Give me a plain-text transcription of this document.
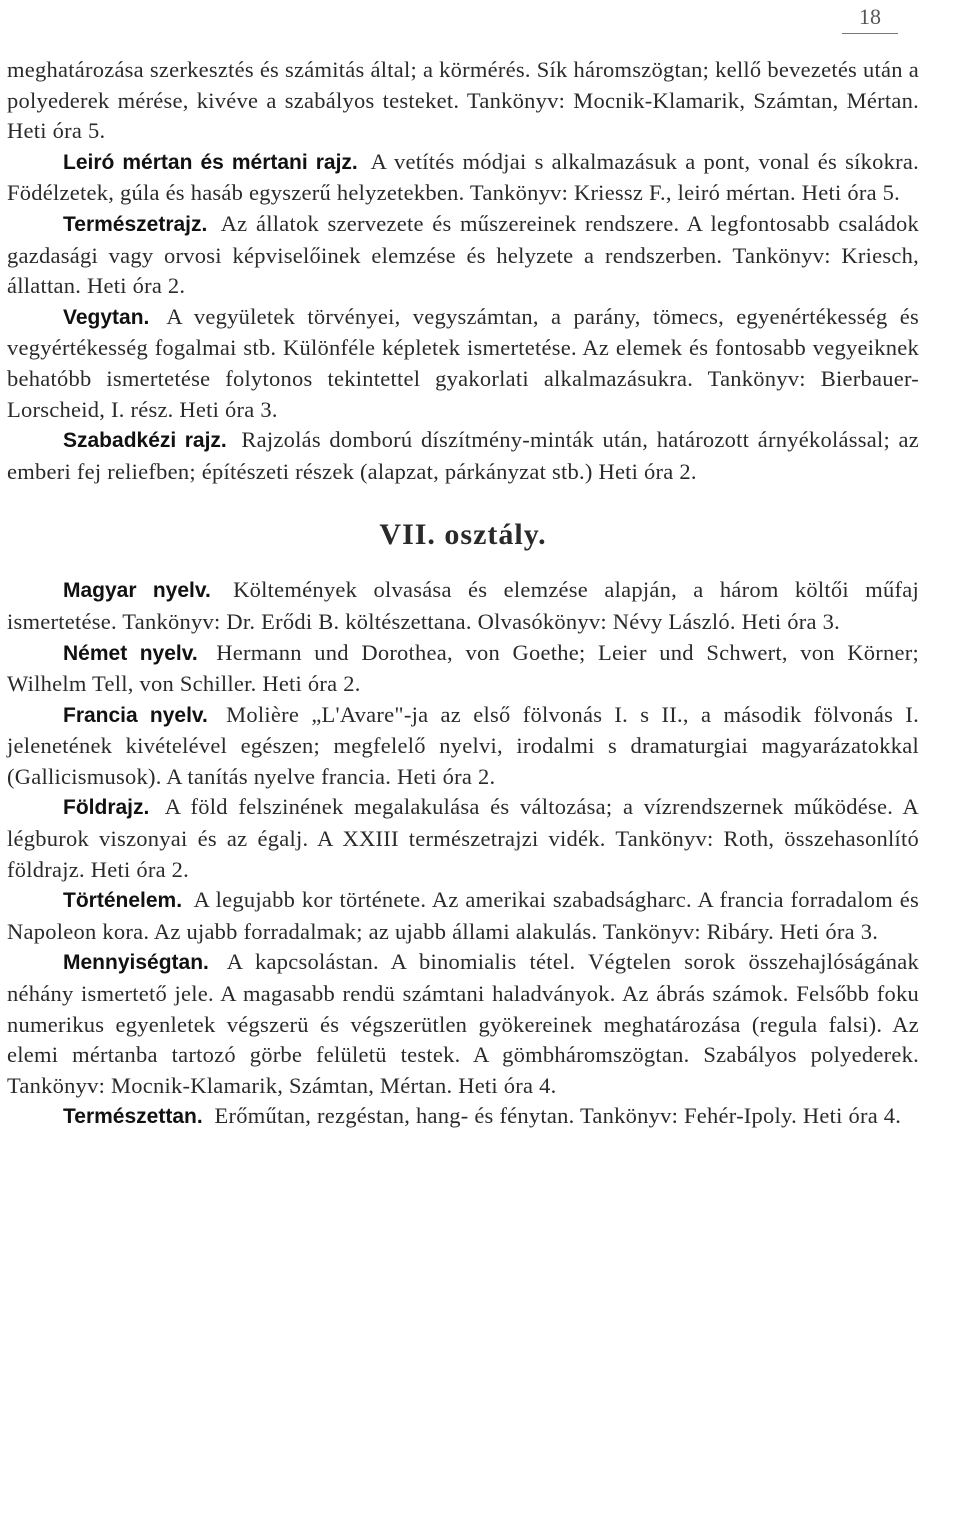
18

meghatározása szerkesztés és számitás által; a körmérés. Sík háromszögtan; kellő bevezetés után a polyederek mérése, kivéve a szabályos testeket. Tankönyv: Mocnik-Klamarik, Számtan, Mértan. Heti óra 5.

Leiró mértan és mértani rajz. A vetítés módjai s alkalmazásuk a pont, vonal és síkokra. Födélzetek, gúla és hasáb egyszerű helyzetekben. Tankönyv: Kriessz F., leiró mértan. Heti óra 5.

Természetrajz. Az állatok szervezete és műszereinek rendszere. A legfontosabb családok gazdasági vagy orvosi képviselőinek elemzése és helyzete a rendszerben. Tankönyv: Kriesch, állattan. Heti óra 2.

Vegytan. A vegyületek törvényei, vegyszámtan, a parány, tömecs, egyenértékesség és vegyértékesség fogalmai stb. Különféle képletek ismertetése. Az elemek és fontosabb vegyeiknek behatóbb ismertetése folytonos tekintettel gyakorlati alkalmazásukra. Tankönyv: Bierbauer-Lorscheid, I. rész. Heti óra 3.

Szabadkézi rajz. Rajzolás domború díszítmény-minták után, határozott árnyékolással; az emberi fej reliefben; építészeti részek (alapzat, párkányzat stb.) Heti óra 2.

VII. osztály.

Magyar nyelv. Költemények olvasása és elemzése alapján, a három költői műfaj ismertetése. Tankönyv: Dr. Erődi B. költészettana. Olvasókönyv: Névy László. Heti óra 3.

Német nyelv. Hermann und Dorothea, von Goethe; Leier und Schwert, von Körner; Wilhelm Tell, von Schiller. Heti óra 2.

Francia nyelv. Molière „L'Avare"-ja az első fölvonás I. s II., a második fölvonás I. jelenetének kivételével egészen; megfelelő nyelvi, irodalmi s dramaturgiai magyarázatokkal (Gallicismusok). A tanítás nyelve francia. Heti óra 2.

Földrajz. A föld felszinének megalakulása és változása; a vízrendszernek működése. A légburok viszonyai és az égalj. A XXIII természetrajzi vidék. Tankönyv: Roth, összehasonlító földrajz. Heti óra 2.

Történelem. A legujabb kor története. Az amerikai szabadságharc. A francia forradalom és Napoleon kora. Az ujabb forradalmak; az ujabb állami alakulás. Tankönyv: Ribáry. Heti óra 3.

Mennyiségtan. A kapcsolástan. A binomialis tétel. Végtelen sorok összehajlóságának néhány ismertető jele. A magasabb rendü számtani haladványok. Az ábrás számok. Felsőbb foku numerikus egyenletek végszerü és végszerütlen gyökereinek meghatározása (regula falsi). Az elemi mértanba tartozó görbe felületü testek. A gömbháromszögtan. Szabályos polyederek. Tankönyv: Mocnik-Klamarik, Számtan, Mértan. Heti óra 4.

Természettan. Erőműtan, rezgéstan, hang- és fénytan. Tankönyv: Fehér-Ipoly. Heti óra 4.
